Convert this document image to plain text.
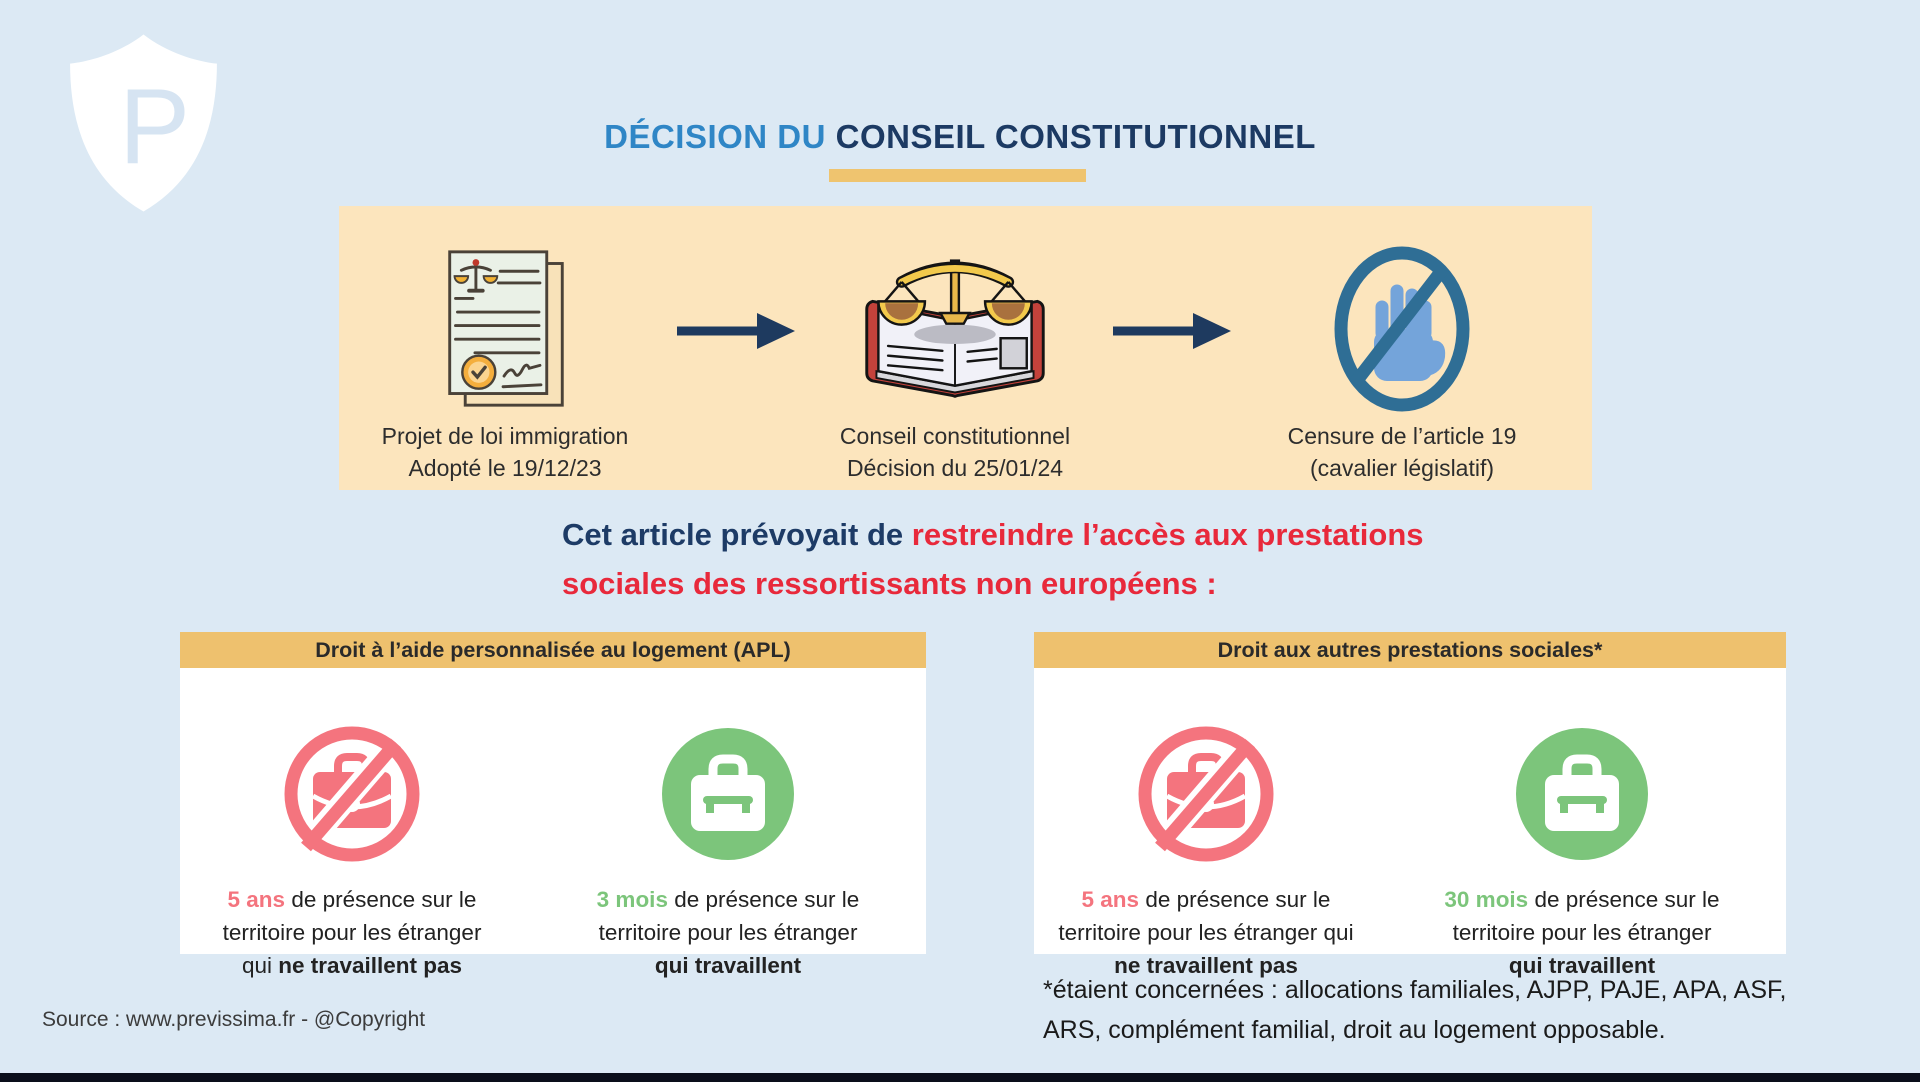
P	DÉCISION DU CONSEIL CONSTITUTIONNEL
Projet de loi immigration
Adopté le 19/12/23
Conseil constitutionnel
Décision du 25/01/24
Censure de l’article 19
(cavalier législatif)
Cet article prévoyait de restreindre l’accès aux prestations
sociales des ressortissants non européens :
Droit à l’aide personnalisée au logement (APL)
5 ans de présence sur le
territoire pour les étranger
qui ne travaillent pas
3 mois de présence sur le
territoire pour les étranger
qui travaillent
Droit aux autres prestations sociales*
5 ans de présence sur le
territoire pour les étranger qui
ne travaillent pas
30 mois de présence sur le
territoire pour les étranger
qui travaillent
*étaient concernées : allocations familiales, AJPP, PAJE, APA, ASF,
ARS, complément familial, droit au logement opposable.
Source : www.previssima.fr - @Copyright
